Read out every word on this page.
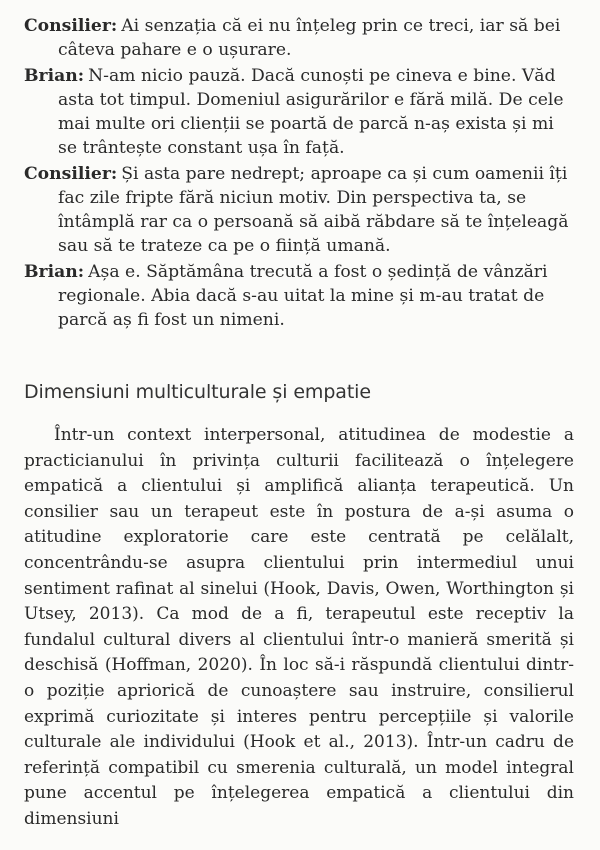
Consilier: Ai senzația că ei nu înțeleg prin ce treci, iar să bei câteva pahare e o ușurare.

Brian: N-am nicio pauză. Dacă cunoști pe cineva e bine. Văd asta tot timpul. Domeniul asigurărilor e fără milă. De cele mai multe ori clienții se poartă de parcă n-aș exista și mi se trântește constant ușa în față.

Consilier: Și asta pare nedrept; aproape ca și cum oamenii îți fac zile fripte fără niciun motiv. Din perspectiva ta, se întâmplă rar ca o persoană să aibă răbdare să te înțeleagă sau să te trateze ca pe o ființă umană.

Brian: Așa e. Săptămâna trecută a fost o ședință de vânzări regionale. Abia dacă s-au uitat la mine și m-au tratat de parcă aș fi fost un nimeni.

Dimensiuni multiculturale și empatie

Într-un context interpersonal, atitudinea de modestie a practicianului în privința culturii facilitează o înțelegere empatică a clientului și amplifică alianța terapeutică. Un consilier sau un terapeut este în postura de a-și asuma o atitudine exploratorie care este centrată pe celălalt, concentrându-se asupra clientului prin intermediul unui sentiment rafinat al sinelui (Hook, Davis, Owen, Worthington și Utsey, 2013). Ca mod de a fi, terapeutul este receptiv la fundalul cultural divers al clientului într-o manieră smerită și deschisă (Hoffman, 2020). În loc să-i răspundă clientului dintr-o poziție apriorică de cunoaștere sau instruire, consilierul exprimă curiozitate și interes pentru percepțiile și valorile culturale ale individului (Hook et al., 2013). Într-un cadru de referință compatibil cu smerenia culturală, un model integral pune accentul pe înțelegerea empatică a clientului din dimensiuni
